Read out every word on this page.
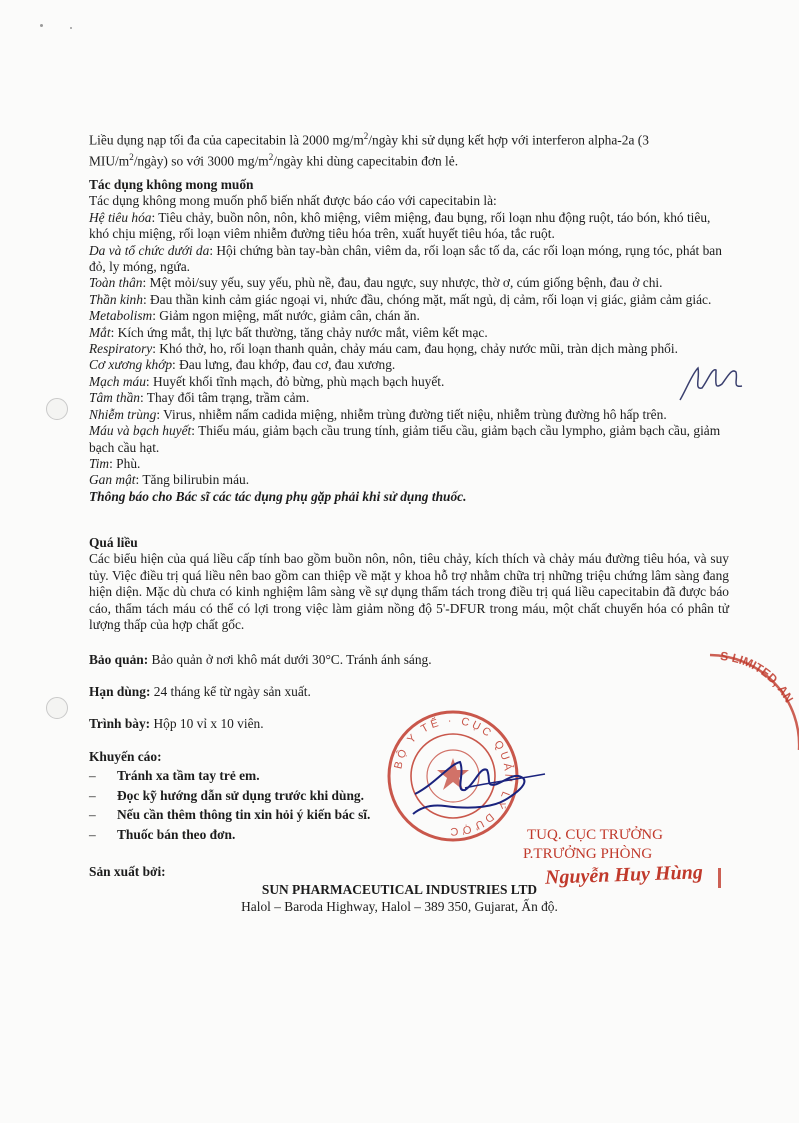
Liều dụng nạp tối đa của capecitabin là 2000 $mg/m^2$/ngày khi sử dụng kết hợp với interferon alpha-2a (3
MIU/$m^2/ngày$) so với 3000 $mg/m^2$/ngày khi dùng capecitabin đơn lẻ.
Tác dụng không mong muốn
Tác dụng không mong muốn phổ biến nhất được báo cáo với capecitabin là:
Hệ tiêu hóa: Tiêu chảy, buồn nôn, nôn, khô miệng, viêm miệng, đau bụng, rối loạn nhu động ruột, táo bón, khó tiêu, khó chịu miệng, rối loạn viêm nhiễm đường tiêu hóa trên, xuất huyết tiêu hóa, tắc ruột.
Da và tổ chức dưới da: Hội chứng bàn tay-bàn chân, viêm da, rối loạn sắc tố da, các rối loạn móng, rụng tóc, phát ban đỏ, ly móng, ngứa.
Toàn thân: Mệt mỏi/suy yếu, suy yếu, phù nề, đau, đau ngực, suy nhược, thờ ơ, cúm giống bệnh, đau ở chi.
Thần kinh: Đau thần kinh cảm giác ngoại vi, nhức đầu, chóng mặt, mất ngủ, dị cảm, rối loạn vị giác, giảm cảm giác.
Metabolism: Giảm ngon miệng, mất nước, giảm cân, chán ăn.
Mắt: Kích ứng mắt, thị lực bất thường, tăng chảy nước mắt, viêm kết mạc.
Respiratory: Khó thở, ho, rối loạn thanh quản, chảy máu cam, đau họng, chảy nước mũi, tràn dịch màng phổi.
Cơ xương khớp: Đau lưng, đau khớp, đau cơ, đau xương.
Mạch máu: Huyết khối tĩnh mạch, đỏ bừng, phù mạch bạch huyết.
Tâm thần: Thay đổi tâm trạng, trầm cảm.
Nhiễm trùng: Virus, nhiễm nấm cadida miệng, nhiễm trùng đường tiết niệu, nhiễm trùng đường hô hấp trên.
Máu và bạch huyết: Thiếu máu, giảm bạch cầu trung tính, giảm tiểu cầu, giảm bạch cầu lympho, giảm bạch cầu, giảm bạch cầu hạt.
Tim: Phù.
Gan mật: Tăng bilirubin máu.
Thông báo cho Bác sĩ các tác dụng phụ gặp phải khi sử dụng thuốc.
Quá liều
Các biểu hiện của quá liều cấp tính bao gồm buồn nôn, nôn, tiêu chảy, kích thích và chảy máu đường tiêu hóa, và suy tủy. Việc điều trị quá liều nên bao gồm can thiệp về mặt y khoa hỗ trợ nhằm chữa trị những triệu chứng lâm sàng đang hiện diện. Mặc dù chưa có kinh nghiệm lâm sàng về sự dụng thẩm tách trong điều trị quá liều capecitabin đã được báo cáo, thẩm tách máu có thể có lợi trong việc làm giảm nồng độ 5'-DFUR trong máu, một chất chuyển hóa có phân tử lượng thấp của hợp chất gốc.
Bảo quản: Bảo quản ở nơi khô mát dưới 30°C. Tránh ánh sáng.
Hạn dùng: 24 tháng kể từ ngày sản xuất.
Trình bày: Hộp 10 vỉ x 10 viên.
Khuyến cáo:
– Tránh xa tầm tay trẻ em.
– Đọc kỹ hướng dẫn sử dụng trước khi dùng.
– Nếu cần thêm thông tin xin hỏi ý kiến bác sĩ.
– Thuốc bán theo đơn.
Sản xuất bởi:
SUN PHARMACEUTICAL INDUSTRIES LTD
Halol – Baroda Highway, Halol – 389 350, Gujarat, Ấn độ.
BỘ Y TẾ · CỤC QUẢN LÝ DƯỢC
S LIMITED, AN
TUQ. CỤC TRƯỞNG
P.TRƯỞNG PHÒNG
Nguyễn Huy Hùng
